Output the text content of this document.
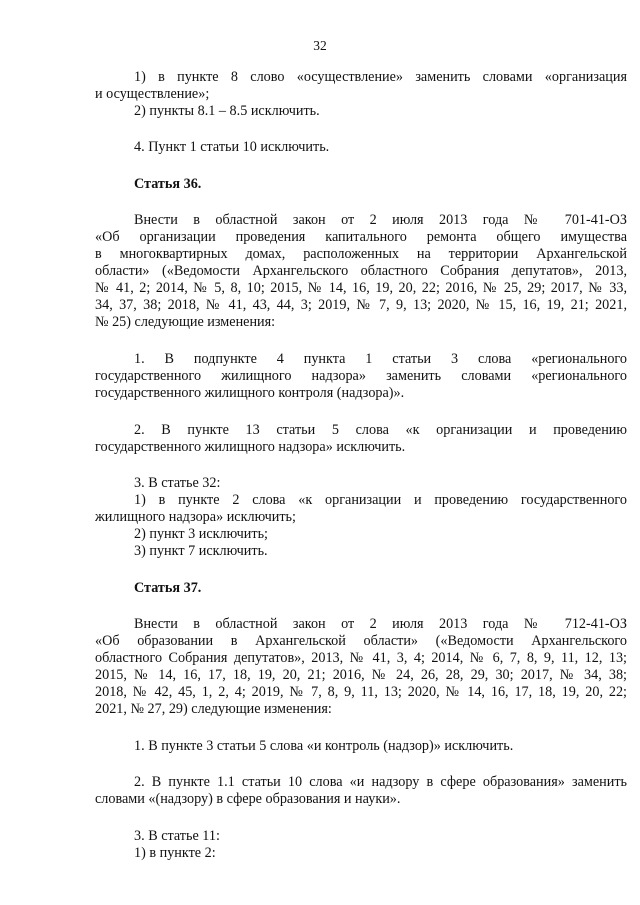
32
1) в пункте 8 слово «осуществление» заменить словами «организация
и осуществление»;
2) пункты 8.1 – 8.5 исключить.
4. Пункт 1 статьи 10 исключить.
Статья 36.
Внести в областной закон от 2 июля 2013 года № 701-41-ОЗ
«Об организации проведения капитального ремонта общего имущества
в многоквартирных домах, расположенных на территории Архангельской
области» («Ведомости Архангельского областного Собрания депутатов», 2013,
№ 41, 2; 2014, № 5, 8, 10; 2015, № 14, 16, 19, 20, 22; 2016, № 25, 29; 2017, № 33,
34, 37, 38; 2018, № 41, 43, 44, 3; 2019, № 7, 9, 13; 2020, № 15, 16, 19, 21; 2021,
№ 25) следующие изменения:
1. В подпункте 4 пункта 1 статьи 3 слова «регионального
государственного жилищного надзора» заменить словами «регионального
государственного жилищного контроля (надзора)».
2. В пункте 13 статьи 5 слова «к организации и проведению
государственного жилищного надзора» исключить.
3. В статье 32:
1) в пункте 2 слова «к организации и проведению государственного
жилищного надзора» исключить;
2) пункт 3 исключить;
3) пункт 7 исключить.
Статья 37.
Внести в областной закон от 2 июля 2013 года № 712-41-ОЗ
«Об образовании в Архангельской области» («Ведомости Архангельского
областного Собрания депутатов», 2013, № 41, 3, 4; 2014, № 6, 7, 8, 9, 11, 12, 13;
2015, № 14, 16, 17, 18, 19, 20, 21; 2016, № 24, 26, 28, 29, 30; 2017, № 34, 38;
2018, № 42, 45, 1, 2, 4; 2019, № 7, 8, 9, 11, 13; 2020, № 14, 16, 17, 18, 19, 20, 22;
2021, № 27, 29) следующие изменения:
1. В пункте 3 статьи 5 слова «и контроль (надзор)» исключить.
2. В пункте 1.1 статьи 10 слова «и надзору в сфере образования» заменить
словами «(надзору) в сфере образования и науки».
3. В статье 11:
1) в пункте 2:
